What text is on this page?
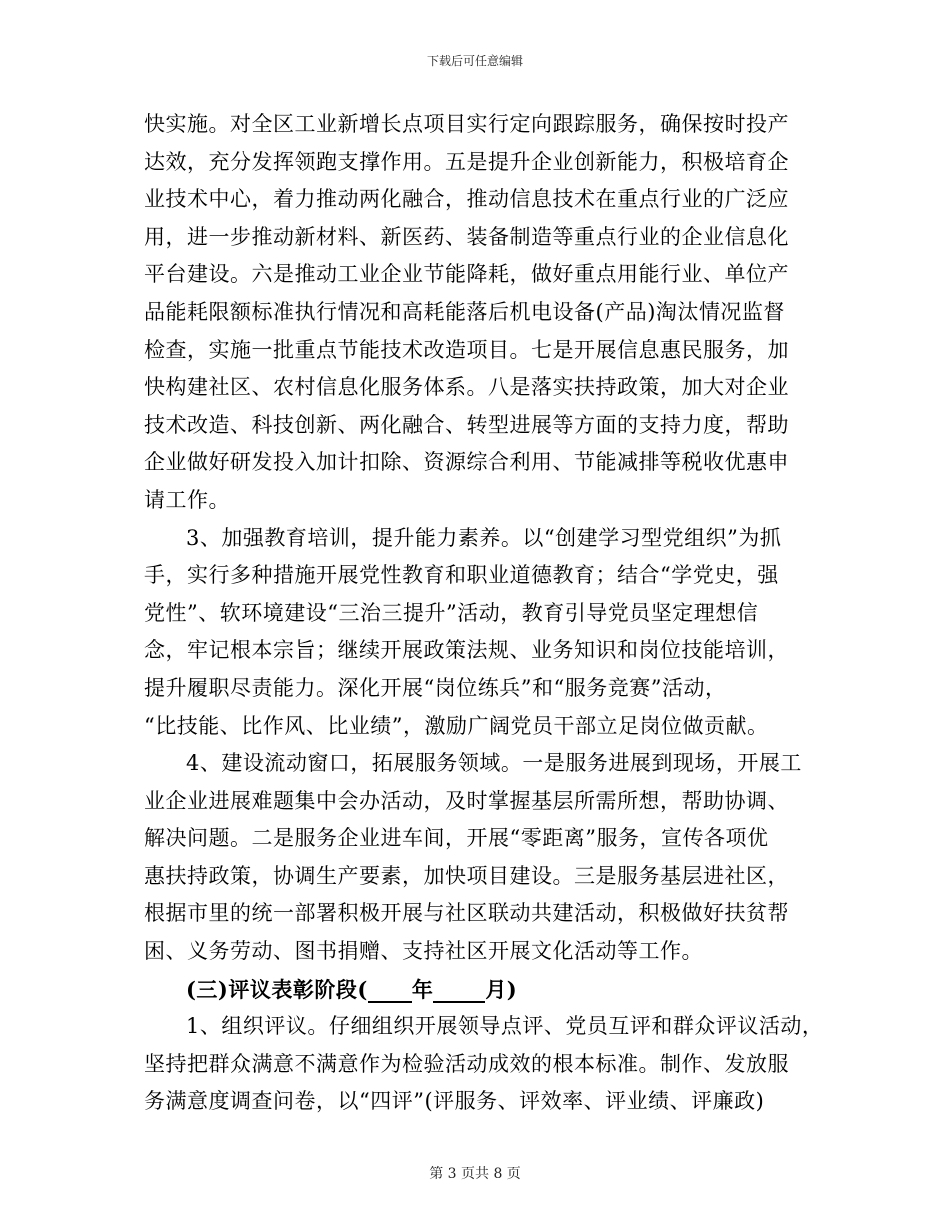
下载后可任意编辑
快实施。对全区工业新增长点项目实行定向跟踪服务，确保按时投产
达效，充分发挥领跑支撑作用。五是提升企业创新能力，积极培育企
业技术中心，着力推动两化融合，推动信息技术在重点行业的广泛应
用，进一步推动新材料、新医药、装备制造等重点行业的企业信息化
平台建设。六是推动工业企业节能降耗，做好重点用能行业、单位产
品能耗限额标准执行情况和高耗能落后机电设备(产品)淘汰情况监督
检查，实施一批重点节能技术改造项目。七是开展信息惠民服务，加
快构建社区、农村信息化服务体系。八是落实扶持政策，加大对企业
技术改造、科技创新、两化融合、转型进展等方面的支持力度，帮助
企业做好研发投入加计扣除、资源综合利用、节能减排等税收优惠申
请工作。
3、加强教育培训，提升能力素养。以“创建学习型党组织”为抓
手，实行多种措施开展党性教育和职业道德教育；结合“学党史，强
党性”、软环境建设“三治三提升”活动，教育引导党员坚定理想信
念，牢记根本宗旨；继续开展政策法规、业务知识和岗位技能培训，
提升履职尽责能力。深化开展“岗位练兵”和“服务竞赛”活动，
“比技能、比作风、比业绩”，激励广阔党员干部立足岗位做贡献。
4、建设流动窗口，拓展服务领域。一是服务进展到现场，开展工
业企业进展难题集中会办活动，及时掌握基层所需所想，帮助协调、
解决问题。二是服务企业进车间，开展“零距离”服务，宣传各项优
惠扶持政策，协调生产要素，加快项目建设。三是服务基层进社区，
根据市里的统一部署积极开展与社区联动共建活动，积极做好扶贫帮
困、义务劳动、图书捐赠、支持社区开展文化活动等工作。
(三)评议表彰阶段( 年 月)
1、组织评议。仔细组织开展领导点评、党员互评和群众评议活动，
坚持把群众满意不满意作为检验活动成效的根本标准。制作、发放服
务满意度调查问卷，以“四评”(评服务、评效率、评业绩、评廉政)
第 3 页共 8 页
